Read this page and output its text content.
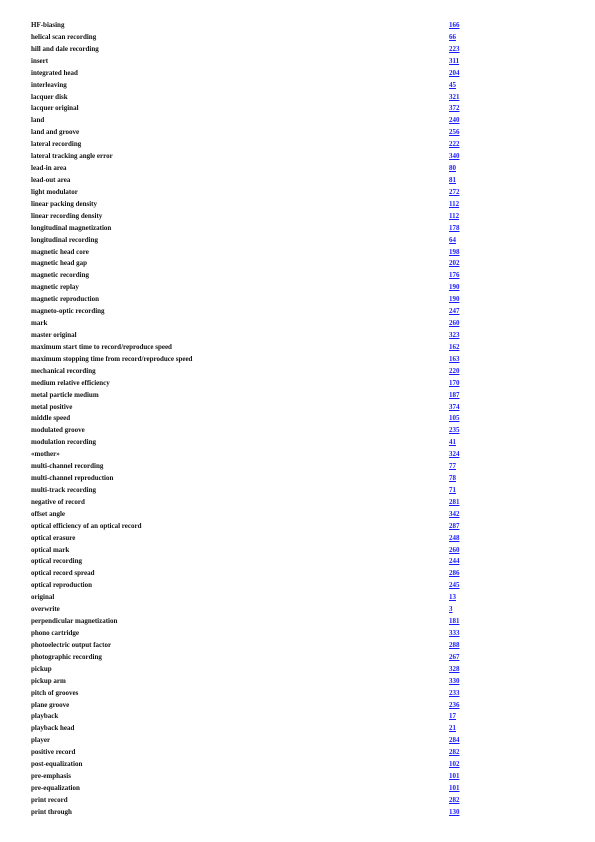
HF-biasing	166
helical scan recording	66
hill and dale recording	223
insert	311
integrated head	204
interleaving	45
lacquer disk	321
lacquer original	372
land	240
land and groove	256
lateral recording	222
lateral tracking angle error	340
lead-in area	80
lead-out area	81
light modulator	272
linear packing density	112
linear recording density	112
longitudinal magnetization	178
longitudinal recording	64
magnetic head core	198
magnetic head gap	202
magnetic recording	176
magnetic replay	190
magnetic reproduction	190
magneto-optic recording	247
mark	260
master original	323
maximum start time to record/reproduce speed	162
maximum stopping time from record/reproduce speed	163
mechanical recording	220
medium relative efficiency	170
metal particle medium	187
metal positive	374
middle speed	105
modulated groove	235
modulation recording	41
«mother»	324
multi-channel recording	77
multi-channel reproduction	78
multi-track recording	71
negative of record	281
offset angle	342
optical efficiency of an optical record	287
optical erasure	248
optical mark	260
optical recording	244
optical record spread	286
optical reproduction	245
original	13
overwrite	3
perpendicular magnetization	181
phono cartridge	333
photoelectric output factor	288
photographic recording	267
pickup	328
pickup arm	330
pitch of grooves	233
plane groove	236
playback	17
playback head	21
player	284
positive record	282
post-equalization	102
pre-emphasis	101
pre-equalization	101
print record	282
print through	130
